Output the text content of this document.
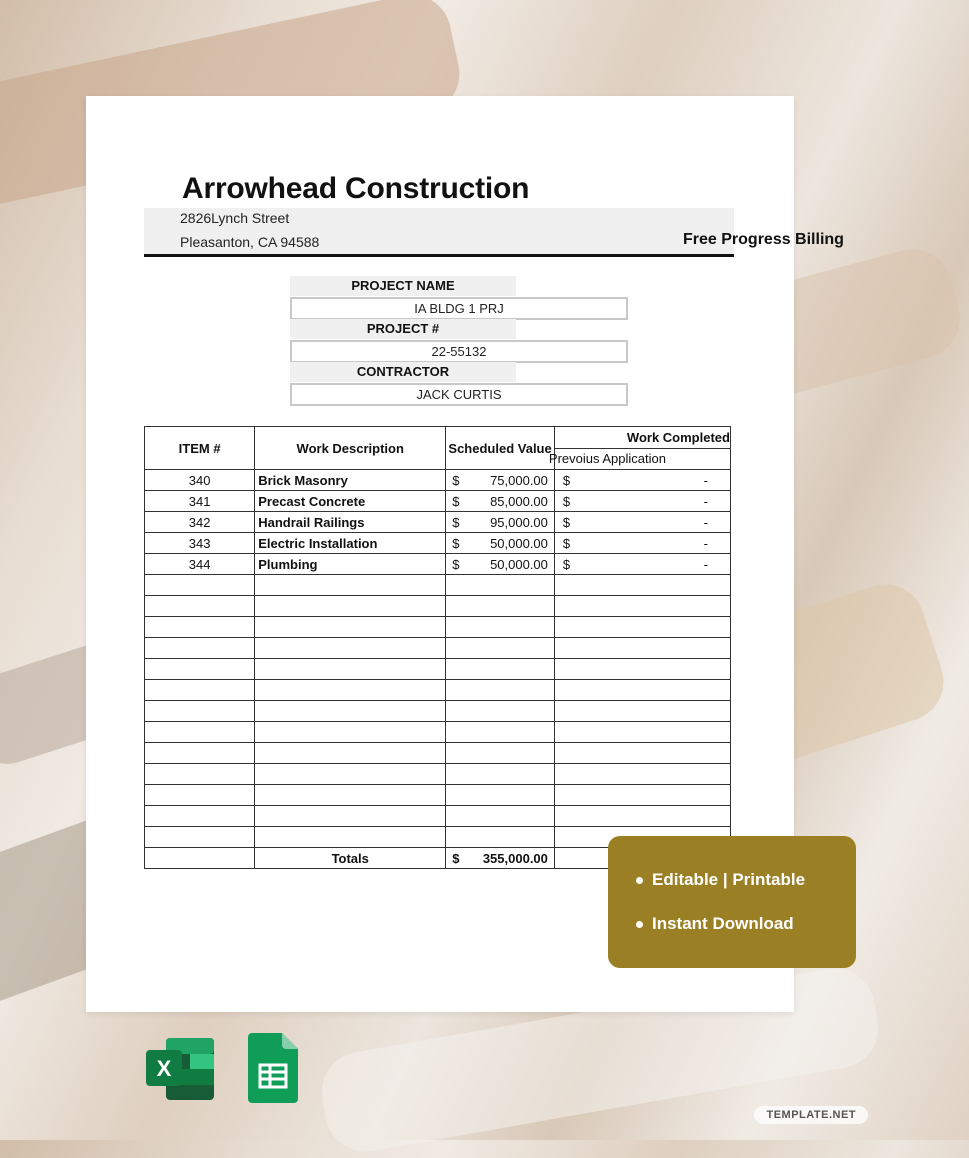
Arrowhead Construction
2826Lynch Street
Pleasanton, CA 94588	Free Progress Billing
PROJECT NAME
IA BLDG 1 PRJ
PROJECT #
22-55132
CONTRACTOR
JACK CURTIS
ITEM #	Work Description	Scheduled Value	Work Completed
			Prevoius Application
340	Brick Masonry	$ 75,000.00	$ -

341	Precast Concrete	$ 85,000.00	$ -

342	Handrail Railings	$ 95,000.00	$ -

343	Electric Installation	$ 50,000.00	$ -

344	Plumbing	$ 50,000.00	$ -

	Totals	$ 355,000.00	

Editable | Printable
Instant Download
X
TEMPLATE.NET
